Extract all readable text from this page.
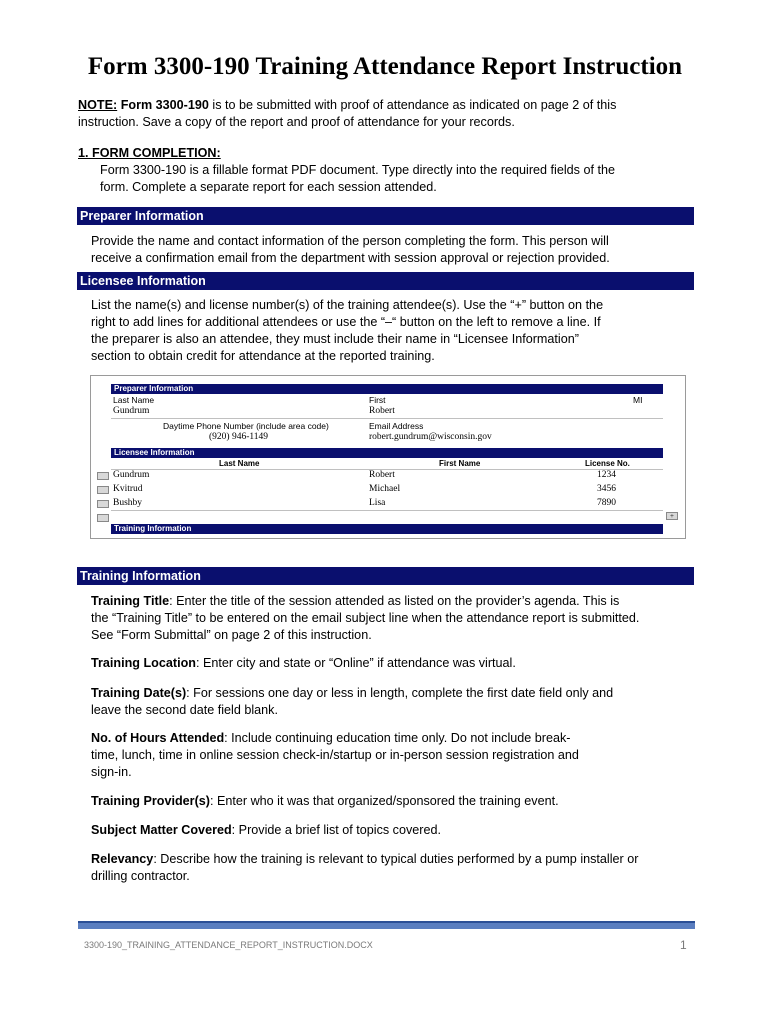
Form 3300-190 Training Attendance Report Instruction
NOTE: Form 3300-190 is to be submitted with proof of attendance as indicated on page 2 of this
instruction. Save a copy of the report and proof of attendance for your records.
1. FORM COMPLETION:
Form 3300-190 is a fillable format PDF document. Type directly into the required fields of the
form. Complete a separate report for each session attended.
Preparer Information
Provide the name and contact information of the person completing the form. This person will
receive a confirmation email from the department with session approval or rejection provided.
Licensee Information
List the name(s) and license number(s) of the training attendee(s). Use the “+” button on the
right to add lines for additional attendees or use the “–“ button on the left to remove a line. If
the preparer is also an attendee, they must include their name in “Licensee Information”
section to obtain credit for attendance at the reported training.
Preparer Information
Last Name	First	MI
Gundrum	Robert
Daytime Phone Number (include area code)	Email Address
(920) 946-1149	robert.gundrum@wisconsin.gov
Licensee Information
Last Name	First Name	License No.
Gundrum	Robert	1234
Kvitrud	Michael	3456
Bushby	Lisa	7890
+
Training Information
Training Information
Training Title: Enter the title of the session attended as listed on the provider’s agenda. This is
the “Training Title” to be entered on the email subject line when the attendance report is submitted.
See “Form Submittal” on page 2 of this instruction.
Training Location: Enter city and state or “Online” if attendance was virtual.
Training Date(s): For sessions one day or less in length, complete the first date field only and
leave the second date field blank.
No. of Hours Attended: Include continuing education time only. Do not include break-
time, lunch, time in online session check-in/startup or in-person session registration and
sign-in.
Training Provider(s): Enter who it was that organized/sponsored the training event.
Subject Matter Covered: Provide a brief list of topics covered.
Relevancy: Describe how the training is relevant to typical duties performed by a pump installer or
drilling contractor.
3300-190_TRAINING_ATTENDANCE_REPORT_INSTRUCTION.DOCX	1
